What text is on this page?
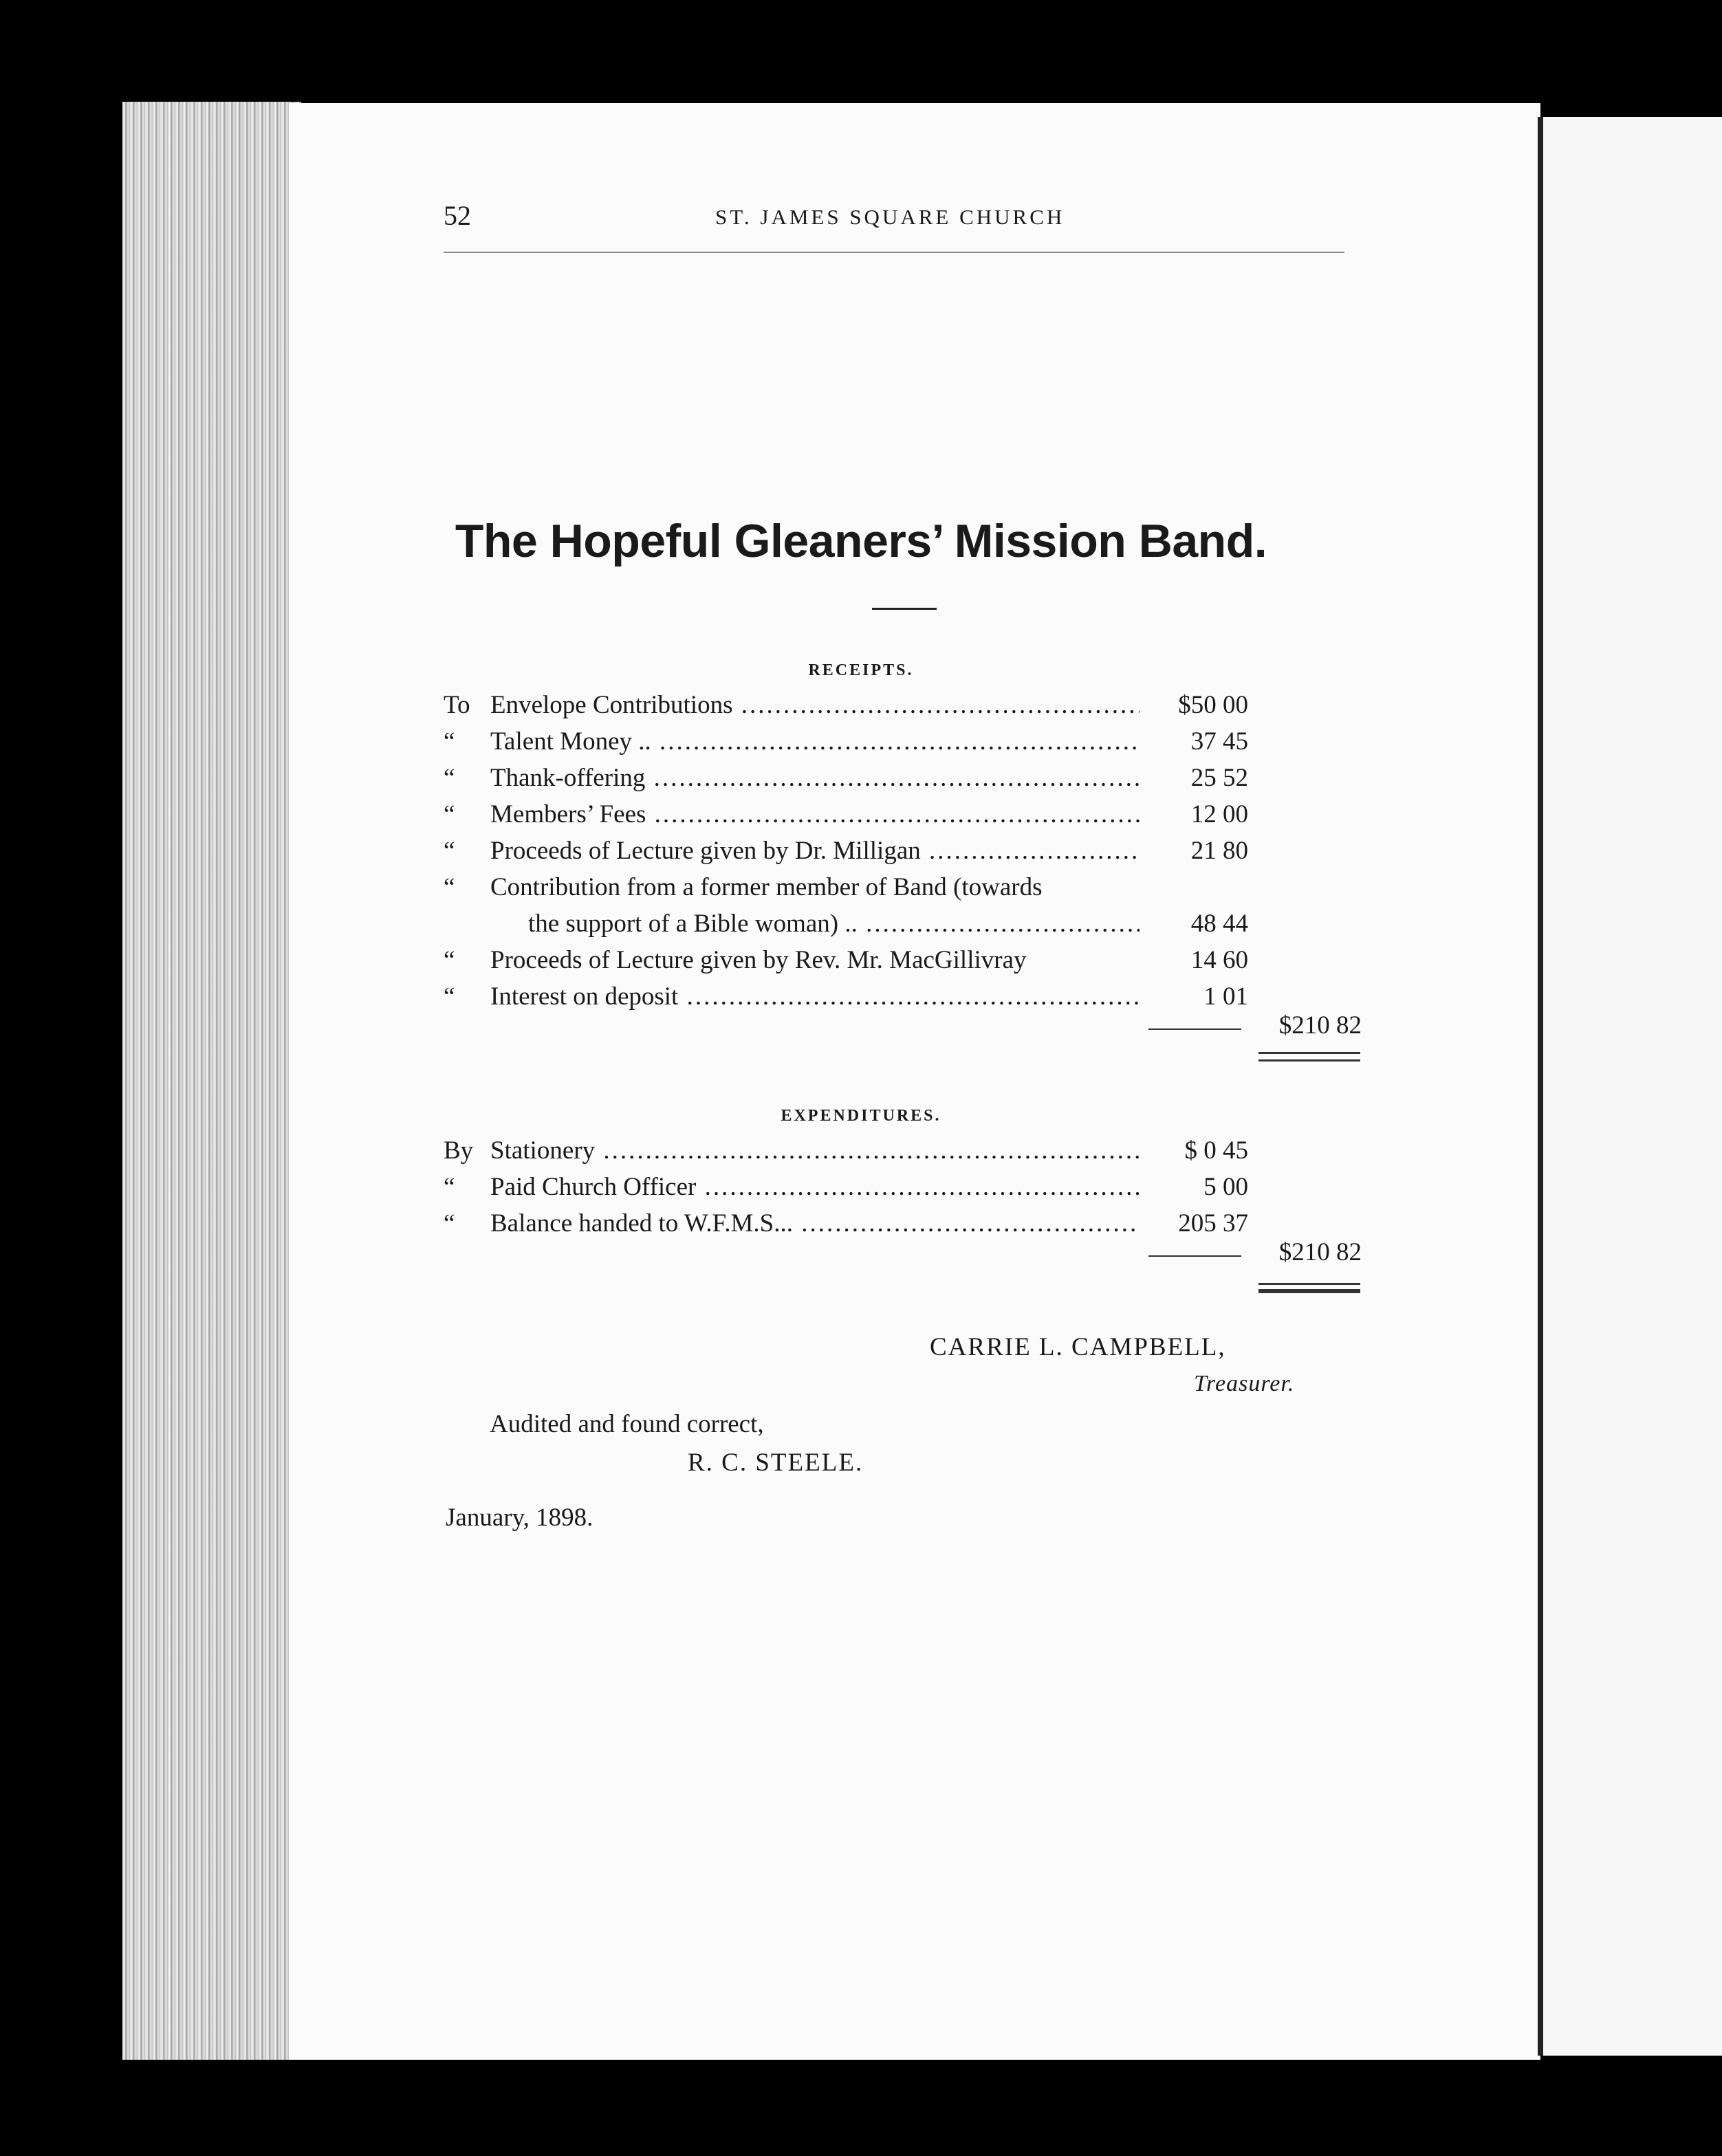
52	ST. JAMES SQUARE CHURCH
The Hopeful Gleaners’ Mission Band.
RECEIPTS.
To Envelope Contributions .....	$50 00
“ Talent Money .. .....	37 45
“ Thank-offering .....	25 52
“ Members’ Fees .....	12 00
“ Proceeds of Lecture given by Dr. Milligan .....	21 80
“ Contribution from a former member of Band (towards
the support of a Bible woman) .. .....	48 44
“ Proceeds of Lecture given by Rev. Mr. MacGillivray	14 60
“ Interest on deposit .....	1 01
$210 82
EXPENDITURES.
By Stationery .....	$ 0 45
“ Paid Church Officer .....	5 00
“ Balance handed to W.F.M.S... .....	205 37
$210 82
CARRIE L. CAMPBELL,
Treasurer.
Audited and found correct,
R. C. STEELE.
January, 1898.
